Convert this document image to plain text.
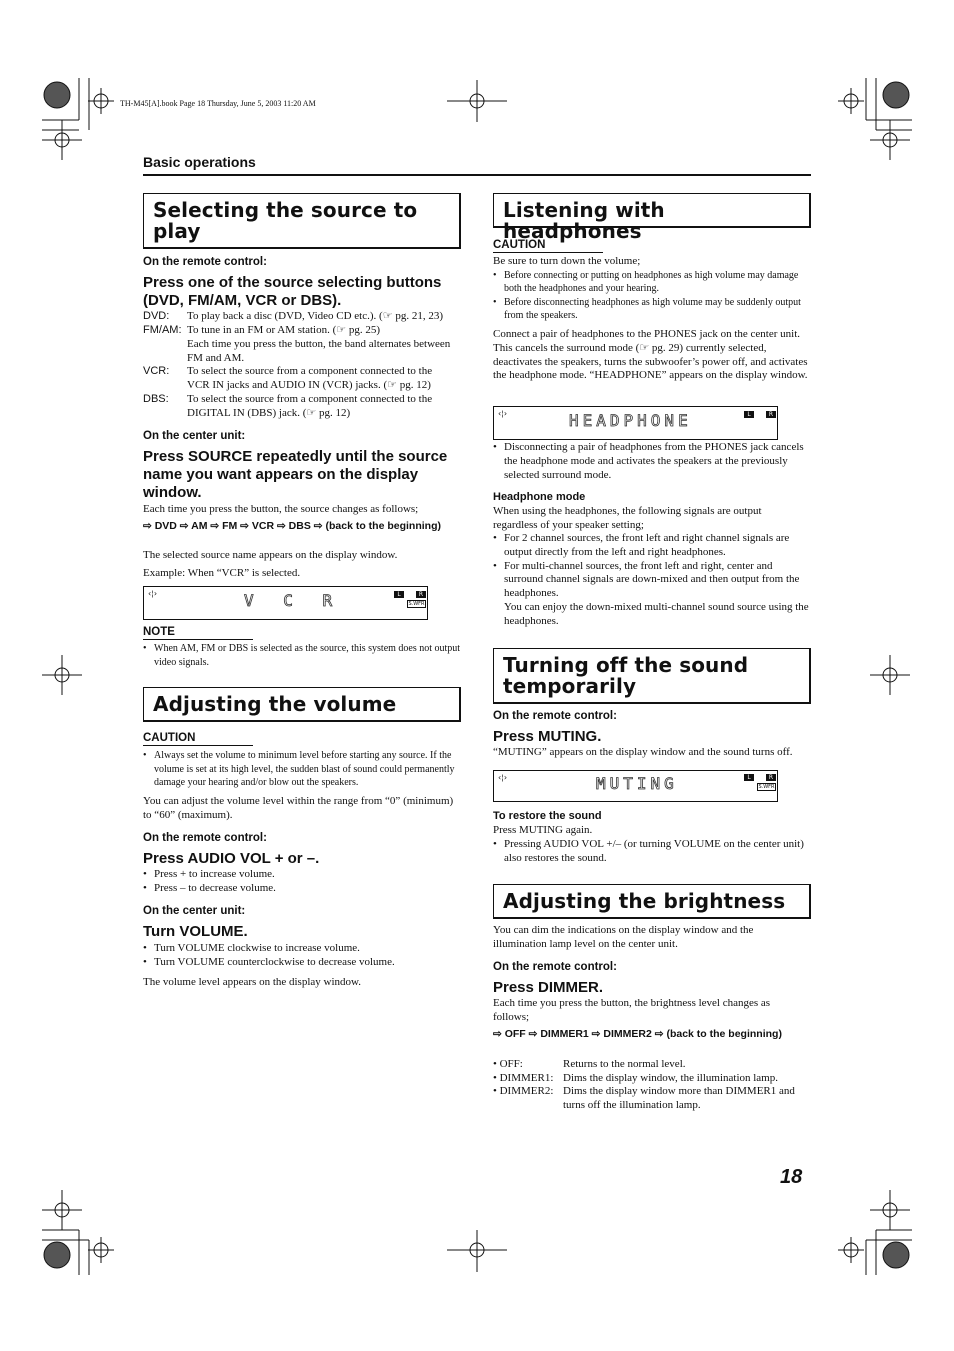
TH-M45[A].book Page 18 Thursday, June 5, 2003 11:20 AM
Basic operations
Selecting the source to play
On the remote control:
Press one of the source selecting buttons (DVD, FM/AM, VCR or DBS).
DVD: To play back a disc (DVD, Video CD etc.). (☞ pg. 21, 23)
FM/AM: To tune in an FM or AM station. (☞ pg. 25)
Each time you press the button, the band alternates between FM and AM.
VCR: To select the source from a component connected to the VCR IN jacks and AUDIO IN (VCR) jacks. (☞ pg. 12)
DBS: To select the source from a component connected to the DIGITAL IN (DBS) jack. (☞ pg. 12)
On the center unit:
Press SOURCE repeatedly until the source name you want appears on the display window.
Each time you press the button, the source changes as follows;
⇨ DVD ⇨ AM ⇨ FM ⇨ VCR ⇨ DBS ⇨ (back to the beginning)
The selected source name appears on the display window.
Example: When “VCR” is selected.
‹¦›	V C R	L	R
S.WFR
NOTE
• When AM, FM or DBS is selected as the source, this system does not output video signals.
Adjusting the volume
CAUTION
• Always set the volume to minimum level before starting any source. If the volume is set at its high level, the sudden blast of sound could permanently damage your hearing and/or blow out the speakers.
You can adjust the volume level within the range from “0” (minimum) to “60” (maximum).
On the remote control:
Press AUDIO VOL + or –.
• Press + to increase volume.
• Press – to decrease volume.
On the center unit:
Turn VOLUME.
• Turn VOLUME clockwise to increase volume.
• Turn VOLUME counterclockwise to decrease volume.
The volume level appears on the display window.
Listening with headphones
CAUTION
Be sure to turn down the volume;
• Before connecting or putting on headphones as high volume may damage both the headphones and your hearing.
• Before disconnecting headphones as high volume may be suddenly output from the speakers.
Connect a pair of headphones to the PHONES jack on the center unit. This cancels the surround mode (☞ pg. 29) currently selected, deactivates the speakers, turns the subwoofer’s power off, and activates the headphone mode. “HEADPHONE” appears on the display window.
‹¦›	HEADPHONE	L	R
• Disconnecting a pair of headphones from the PHONES jack cancels the headphone mode and activates the speakers at the previously selected surround mode.
Headphone mode
When using the headphones, the following signals are output regardless of your speaker setting;
• For 2 channel sources, the front left and right channel signals are output directly from the left and right headphones.
• For multi-channel sources, the front left and right, center and surround channel signals are down-mixed and then output from the headphones.
You can enjoy the down-mixed multi-channel sound source using the headphones.
Turning off the sound temporarily
On the remote control:
Press MUTING.
“MUTING” appears on the display window and the sound turns off.
‹¦›	MUTING	L	R
S.WFR
To restore the sound
Press MUTING again.
• Pressing AUDIO VOL +/– (or turning VOLUME on the center unit) also restores the sound.
Adjusting the brightness
You can dim the indications on the display window and the illumination lamp level on the center unit.
On the remote control:
Press DIMMER.
Each time you press the button, the brightness level changes as follows;
⇨ OFF ⇨ DIMMER1 ⇨ DIMMER2 ⇨ (back to the beginning)
• OFF:	Returns to the normal level.
• DIMMER1: Dims the display window, the illumination lamp.
• DIMMER2: Dims the display window more than DIMMER1 and turns off the illumination lamp.
18
